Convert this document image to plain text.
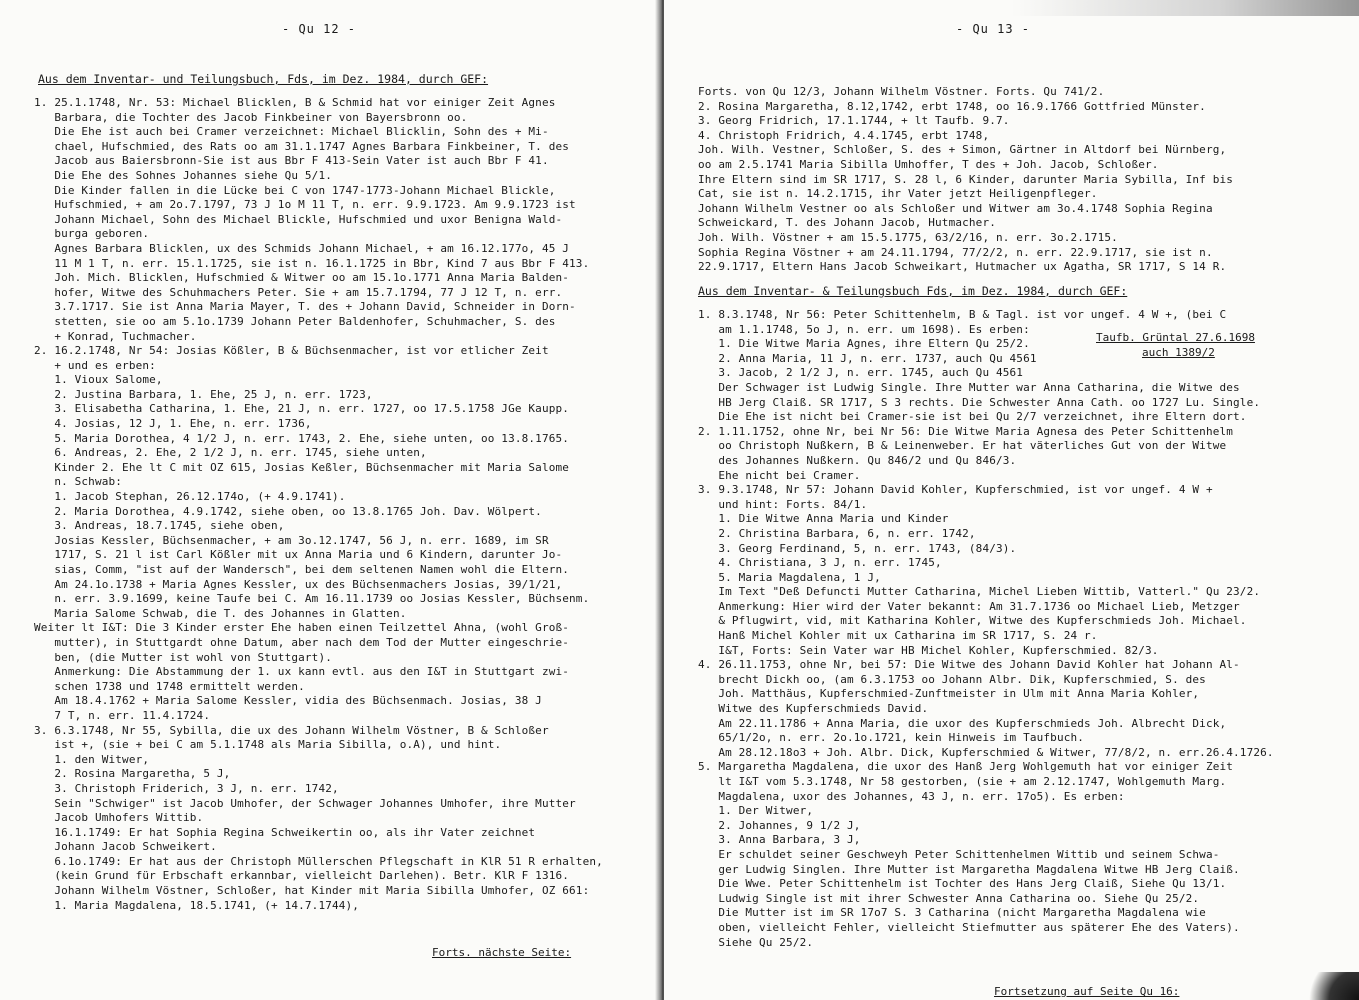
- Qu 12 -
Aus dem Inventar- und Teilungsbuch, Fds, im Dez. 1984, durch GEF:
1. 25.1.1748, Nr. 53: Michael Blicklen, B & Schmid hat vor einiger Zeit Agnes
Barbara, die Tochter des Jacob Finkbeiner von Bayersbronn oo.
Die Ehe ist auch bei Cramer verzeichnet: Michael Blicklin, Sohn des + Mi-
chael, Hufschmied, des Rats oo am 31.1.1747 Agnes Barbara Finkbeiner, T. des
Jacob aus Baiersbronn-Sie ist aus Bbr F 413-Sein Vater ist auch Bbr F 41.
Die Ehe des Sohnes Johannes siehe Qu 5/1.
Die Kinder fallen in die Lücke bei C von 1747-1773-Johann Michael Blickle,
Hufschmied, + am 2o.7.1797, 73 J 1o M 11 T, n. err. 9.9.1723. Am 9.9.1723 ist
Johann Michael, Sohn des Michael Blickle, Hufschmied und uxor Benigna Wald-
burga geboren.
Agnes Barbara Blicklen, ux des Schmids Johann Michael, + am 16.12.177o, 45 J
11 M 1 T, n. err. 15.1.1725, sie ist n. 16.1.1725 in Bbr, Kind 7 aus Bbr F 413.
Joh. Mich. Blicklen, Hufschmied & Witwer oo am 15.1o.1771 Anna Maria Balden-
hofer, Witwe des Schuhmachers Peter. Sie + am 15.7.1794, 77 J 12 T, n. err.
3.7.1717. Sie ist Anna Maria Mayer, T. des + Johann David, Schneider in Dorn-
stetten, sie oo am 5.1o.1739 Johann Peter Baldenhofer, Schuhmacher, S. des
+ Konrad, Tuchmacher.
2. 16.2.1748, Nr 54: Josias Kößler, B & Büchsenmacher, ist vor etlicher Zeit
+ und es erben:
1. Vioux Salome,
2. Justina Barbara, 1. Ehe, 25 J, n. err. 1723,
3. Elisabetha Catharina, 1. Ehe, 21 J, n. err. 1727, oo 17.5.1758 JGe Kaupp.
4. Josias, 12 J, 1. Ehe, n. err. 1736,
5. Maria Dorothea, 4 1/2 J, n. err. 1743, 2. Ehe, siehe unten, oo 13.8.1765.
6. Andreas, 2. Ehe, 2 1/2 J, n. err. 1745, siehe unten,
Kinder 2. Ehe lt C mit OZ 615, Josias Keßler, Büchsenmacher mit Maria Salome
n. Schwab:
1. Jacob Stephan, 26.12.174o, (+ 4.9.1741).
2. Maria Dorothea, 4.9.1742, siehe oben, oo 13.8.1765 Joh. Dav. Wölpert.
3. Andreas, 18.7.1745, siehe oben,
Josias Kessler, Büchsenmacher, + am 3o.12.1747, 56 J, n. err. 1689, im SR
1717, S. 21 l ist Carl Kößler mit ux Anna Maria und 6 Kindern, darunter Jo-
sias, Comm, "ist auf der Wandersch", bei dem seltenen Namen wohl die Eltern.
Am 24.1o.1738 + Maria Agnes Kessler, ux des Büchsenmachers Josias, 39/1/21,
n. err. 3.9.1699, keine Taufe bei C. Am 16.11.1739 oo Josias Kessler, Büchsenm.
Maria Salome Schwab, die T. des Johannes in Glatten.
Weiter lt I&T: Die 3 Kinder erster Ehe haben einen Teilzettel Ahna, (wohl Groß-
mutter), in Stuttgardt ohne Datum, aber nach dem Tod der Mutter eingeschrie-
ben, (die Mutter ist wohl von Stuttgart).
Anmerkung: Die Abstammung der 1. ux kann evtl. aus den I&T in Stuttgart zwi-
schen 1738 und 1748 ermittelt werden.
Am 18.4.1762 + Maria Salome Kessler, vidia des Büchsenmach. Josias, 38 J
7 T, n. err. 11.4.1724.
3. 6.3.1748, Nr 55, Sybilla, die ux des Johann Wilhelm Vöstner, B & Schloßer
ist +, (sie + bei C am 5.1.1748 als Maria Sibilla, o.A), und hint.
1. den Witwer,
2. Rosina Margaretha, 5 J,
3. Christoph Friderich, 3 J, n. err. 1742,
Sein "Schwiger" ist Jacob Umhofer, der Schwager Johannes Umhofer, ihre Mutter
Jacob Umhofers Wittib.
16.1.1749: Er hat Sophia Regina Schweikertin oo, als ihr Vater zeichnet
Johann Jacob Schweikert.
6.1o.1749: Er hat aus der Christoph Müllerschen Pflegschaft in KlR 51 R erhalten,
(kein Grund für Erbschaft erkannbar, vielleicht Darlehen). Betr. KlR F 1316.
Johann Wilhelm Vöstner, Schloßer, hat Kinder mit Maria Sibilla Umhofer, OZ 661:
1. Maria Magdalena, 18.5.1741, (+ 14.7.1744),
Forts. nächste Seite:
- Qu 13 -
Forts. von Qu 12/3, Johann Wilhelm Vöstner. Forts. Qu 741/2.
2. Rosina Margaretha, 8.12,1742, erbt 1748, oo 16.9.1766 Gottfried Münster.
3. Georg Fridrich, 17.1.1744, + lt Taufb. 9.7.
4. Christoph Fridrich, 4.4.1745, erbt 1748,
Joh. Wilh. Vestner, Schloßer, S. des + Simon, Gärtner in Altdorf bei Nürnberg,
oo am 2.5.1741 Maria Sibilla Umhoffer, T des + Joh. Jacob, Schloßer.
Ihre Eltern sind im SR 1717, S. 28 l, 6 Kinder, darunter Maria Sybilla, Inf bis
Cat, sie ist n. 14.2.1715, ihr Vater jetzt Heiligenpfleger.
Johann Wilhelm Vestner oo als Schloßer und Witwer am 3o.4.1748 Sophia Regina
Schweickard, T. des Johann Jacob, Hutmacher.
Joh. Wilh. Vöstner + am 15.5.1775, 63/2/16, n. err. 3o.2.1715.
Sophia Regina Vöstner + am 24.11.1794, 77/2/2, n. err. 22.9.1717, sie ist n.
22.9.1717, Eltern Hans Jacob Schweikart, Hutmacher ux Agatha, SR 1717, S 14 R.
Aus dem Inventar- & Teilungsbuch Fds, im Dez. 1984, durch GEF:
1. 8.3.1748, Nr 56: Peter Schittenhelm, B & Tagl. ist vor ungef. 4 W +, (bei C
am 1.1.1748, 5o J, n. err. um 1698). Es erben:
1. Die Witwe Maria Agnes, ihre Eltern Qu 25/2.
2. Anna Maria, 11 J, n. err. 1737, auch Qu 4561
3. Jacob, 2 1/2 J, n. err. 1745, auch Qu 4561
Der Schwager ist Ludwig Single. Ihre Mutter war Anna Catharina, die Witwe des
HB Jerg Claiß. SR 1717, S 3 rechts. Die Schwester Anna Cath. oo 1727 Lu. Single.
Die Ehe ist nicht bei Cramer-sie ist bei Qu 2/7 verzeichnet, ihre Eltern dort.
2. 1.11.1752, ohne Nr, bei Nr 56: Die Witwe Maria Agnesa des Peter Schittenhelm
oo Christoph Nußkern, B & Leinenweber. Er hat väterliches Gut von der Witwe
des Johannes Nußkern. Qu 846/2 und Qu 846/3.
Ehe nicht bei Cramer.
3. 9.3.1748, Nr 57: Johann David Kohler, Kupferschmied, ist vor ungef. 4 W +
und hint: Forts. 84/1.
1. Die Witwe Anna Maria und Kinder
2. Christina Barbara, 6, n. err. 1742,
3. Georg Ferdinand, 5, n. err. 1743, (84/3).
4. Christiana, 3 J, n. err. 1745,
5. Maria Magdalena, 1 J,
Im Text "Deß Defuncti Mutter Catharina, Michel Lieben Wittib, Vatterl." Qu 23/2.
Anmerkung: Hier wird der Vater bekannt: Am 31.7.1736 oo Michael Lieb, Metzger
& Pflugwirt, vid, mit Katharina Kohler, Witwe des Kupferschmieds Joh. Michael.
Hanß Michel Kohler mit ux Catharina im SR 1717, S. 24 r.
I&T, Forts: Sein Vater war HB Michel Kohler, Kupferschmied. 82/3.
4. 26.11.1753, ohne Nr, bei 57: Die Witwe des Johann David Kohler hat Johann Al-
brecht Dickh oo, (am 6.3.1753 oo Johann Albr. Dik, Kupferschmied, S. des
Joh. Matthäus, Kupferschmied-Zunftmeister in Ulm mit Anna Maria Kohler,
Witwe des Kupferschmieds David.
Am 22.11.1786 + Anna Maria, die uxor des Kupferschmieds Joh. Albrecht Dick,
65/1/2o, n. err. 2o.1o.1721, kein Hinweis im Taufbuch.
Am 28.12.18o3 + Joh. Albr. Dick, Kupferschmied & Witwer, 77/8/2, n. err.26.4.1726.
5. Margaretha Magdalena, die uxor des Hanß Jerg Wohlgemuth hat vor einiger Zeit
lt I&T vom 5.3.1748, Nr 58 gestorben, (sie + am 2.12.1747, Wohlgemuth Marg.
Magdalena, uxor des Johannes, 43 J, n. err. 17o5). Es erben:
1. Der Witwer,
2. Johannes, 9 1/2 J,
3. Anna Barbara, 3 J,
Er schuldet seiner Geschweyh Peter Schittenhelmen Wittib und seinem Schwa-
ger Ludwig Singlen. Ihre Mutter ist Margaretha Magdalena Witwe HB Jerg Claiß.
Die Wwe. Peter Schittenhelm ist Tochter des Hans Jerg Claiß, Siehe Qu 13/1.
Ludwig Single ist mit ihrer Schwester Anna Catharina oo. Siehe Qu 25/2.
Die Mutter ist im SR 17o7 S. 3 Catharina (nicht Margaretha Magdalena wie
oben, vielleicht Fehler, vielleicht Stiefmutter aus späterer Ehe des Vaters).
Siehe Qu 25/2.
Taufb. Grüntal 27.6.1698
auch 1389/2
Fortsetzung auf Seite Qu 16:
